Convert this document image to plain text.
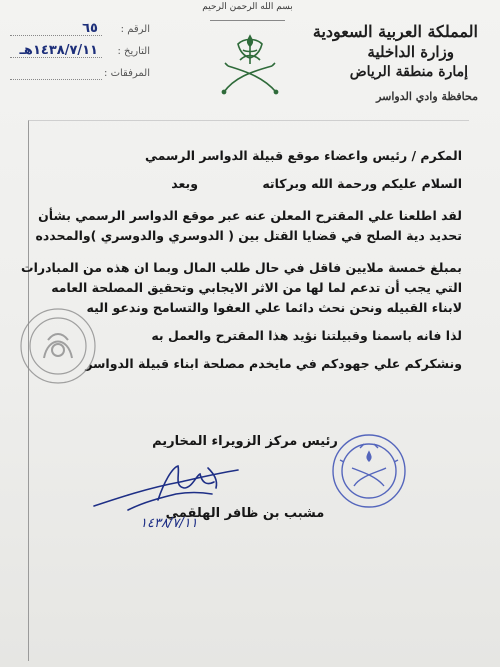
بسم الله الرحمن الرحيم
المملكة العربية السعودية
وزارة الداخلية
إمارة منطقة الرياض
محافظة وادي الدواسر
الرقم :
٦٥
التاريخ :
١٤٣٨/٧/١١هـ
المرفقات :
المكرم / رئيس واعضاء موقع قبيلة الدواسر الرسمي
السلام عليكم ورحمة الله وبركاته وبعد
لقد اطلعنا علي المقترح المعلن عنه عبر موقع الدواسر الرسمي بشأن
تحديد دية الصلح في قضايا القتل بين ( الدوسري والدوسري )والمحدده
بمبلغ خمسة ملايين فاقل في حال طلب المال وبما ان هذه من المبادرات
التي يجب أن تدعم لما لها من الاثر الايجابي وتحقيق المصلحة العامه
لابناء القبيله ونحن نحث دائما علي العفوا والتسامح وندعو اليه
لذا فانه باسمنا وقبيلتنا نؤيد هذا المقترح والعمل به
ونشكركم علي جهودكم في مايخدم مصلحة ابناء قبيلة الدواسر
رئيس مركز الزويراء المخاريم
مشبب بن ظافر الهلقمي
١٤٣٨/٧/١١
